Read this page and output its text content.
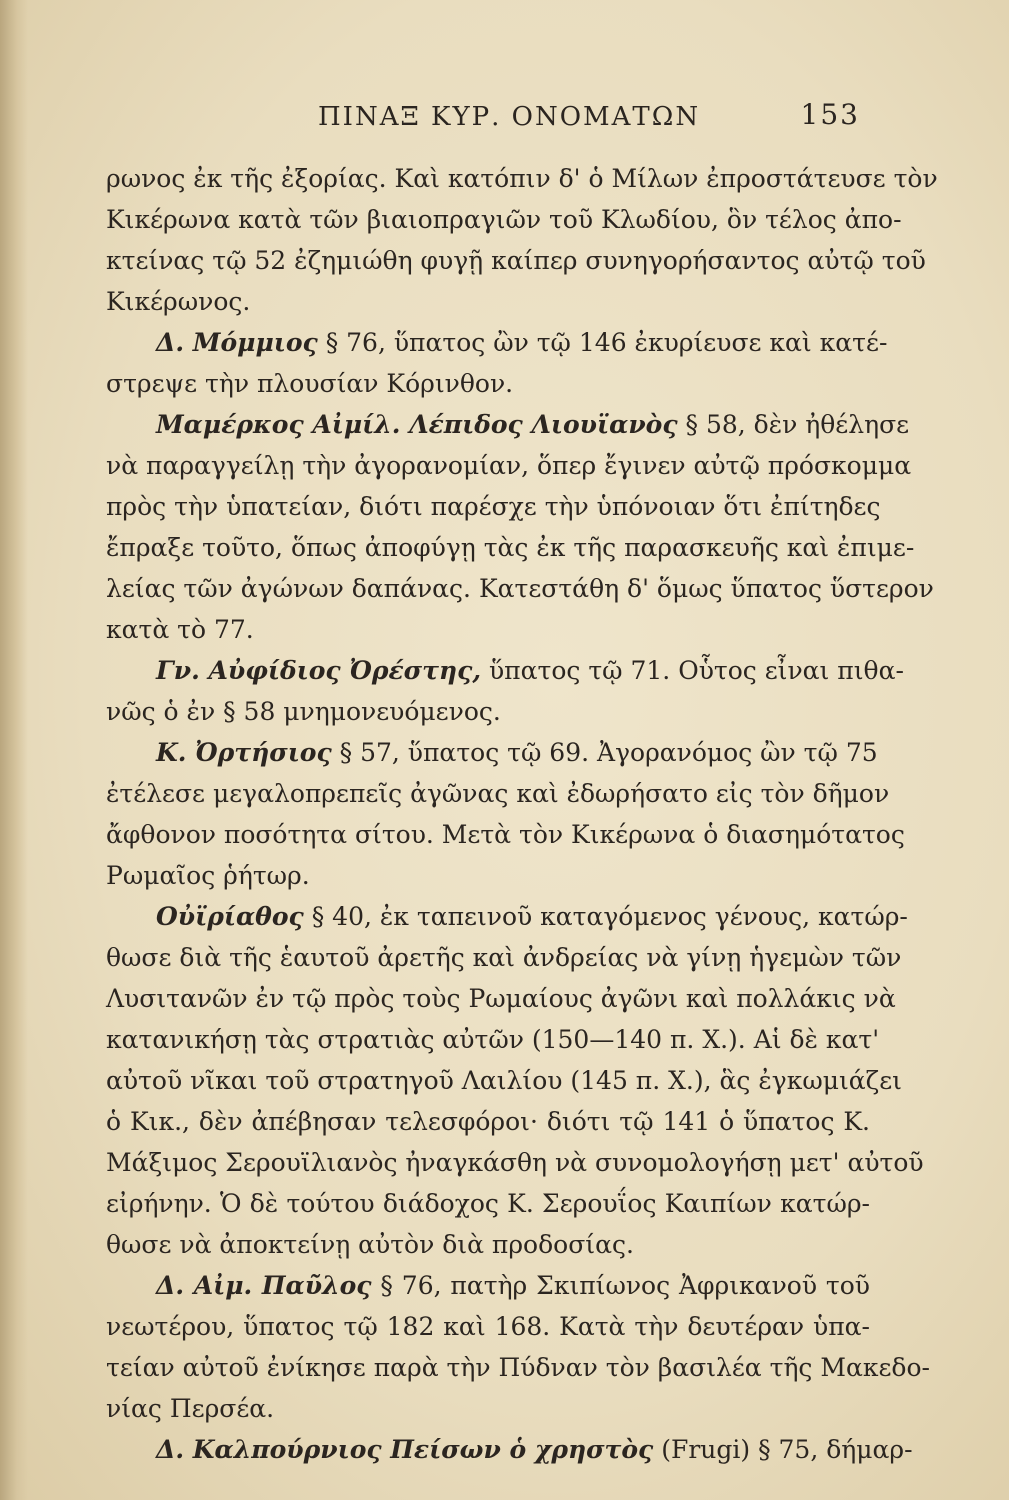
ΠΙΝΑΞ ΚΥΡ. ΟΝΟΜΑΤΩΝ	153
ρωνος ἐκ τῆς ἐξορίας. Καὶ κατόπιν δ' ὁ Μίλων ἐπροστάτευσε τὸν
Κικέρωνα κατὰ τῶν βιαιοπραγιῶν τοῦ Κλωδίου, ὃν τέλος ἀπο-
κτείνας τῷ 52 ἐζημιώθη φυγῇ καίπερ συνηγορήσαντος αὐτῷ τοῦ
Κικέρωνος.
Δ. Μόμμιος § 76, ὕπατος ὢν τῷ 146 ἐκυρίευσε καὶ κατέ-
στρεψε τὴν πλουσίαν Κόρινθον.
Μαμέρκος Αἰμίλ. Λέπιδος Λιουϊανὸς § 58, δὲν ἠθέλησε
νὰ παραγγείλῃ τὴν ἀγορανομίαν, ὅπερ ἔγινεν αὐτῷ πρόσκομμα
πρὸς τὴν ὑπατείαν, διότι παρέσχε τὴν ὑπόνοιαν ὅτι ἐπίτηδες
ἔπραξε τοῦτο, ὅπως ἀποφύγῃ τὰς ἐκ τῆς παρασκευῆς καὶ ἐπιμε-
λείας τῶν ἀγώνων δαπάνας. Κατεστάθη δ' ὅμως ὕπατος ὕστερον
κατὰ τὸ 77.
Γν. Αὐφίδιος Ὀρέστης, ὕπατος τῷ 71. Οὗτος εἶναι πιθα-
νῶς ὁ ἐν § 58 μνημονευόμενος.
Κ. Ὀρτήσιος § 57, ὕπατος τῷ 69. Ἀγορανόμος ὢν τῷ 75
ἐτέλεσε μεγαλοπρεπεῖς ἀγῶνας καὶ ἐδωρήσατο εἰς τὸν δῆμον
ἄφθονον ποσότητα σίτου. Μετὰ τὸν Κικέρωνα ὁ διασημότατος
Ρωμαῖος ῥήτωρ.
Οὐϊρίαθος § 40, ἐκ ταπεινοῦ καταγόμενος γένους, κατώρ-
θωσε διὰ τῆς ἑαυτοῦ ἀρετῆς καὶ ἀνδρείας νὰ γίνῃ ἡγεμὼν τῶν
Λυσιτανῶν ἐν τῷ πρὸς τοὺς Ρωμαίους ἀγῶνι καὶ πολλάκις νὰ
κατανικήσῃ τὰς στρατιὰς αὐτῶν (150—140 π. Χ.). Αἱ δὲ κατ'
αὐτοῦ νῖκαι τοῦ στρατηγοῦ Λαιλίου (145 π. Χ.), ἃς ἐγκωμιάζει
ὁ Κικ., δὲν ἀπέβησαν τελεσφόροι· διότι τῷ 141 ὁ ὕπατος Κ.
Μάξιμος Σερουϊλιανὸς ἠναγκάσθη νὰ συνομολογήσῃ μετ' αὐτοῦ
εἰρήνην. Ὁ δὲ τούτου διάδοχος Κ. Σερουΐος Καιπίων κατώρ-
θωσε νὰ ἀποκτείνῃ αὐτὸν διὰ προδοσίας.
Δ. Αἰμ. Παῦλος § 76, πατὴρ Σκιπίωνος Ἀφρικανοῦ τοῦ
νεωτέρου, ὕπατος τῷ 182 καὶ 168. Κατὰ τὴν δευτέραν ὑπα-
τείαν αὐτοῦ ἐνίκησε παρὰ τὴν Πύδναν τὸν βασιλέα τῆς Μακεδο-
νίας Περσέα.
Δ. Καλπούρνιος Πείσων ὁ χρηστὸς (Frugi) § 75, δήμαρ-
